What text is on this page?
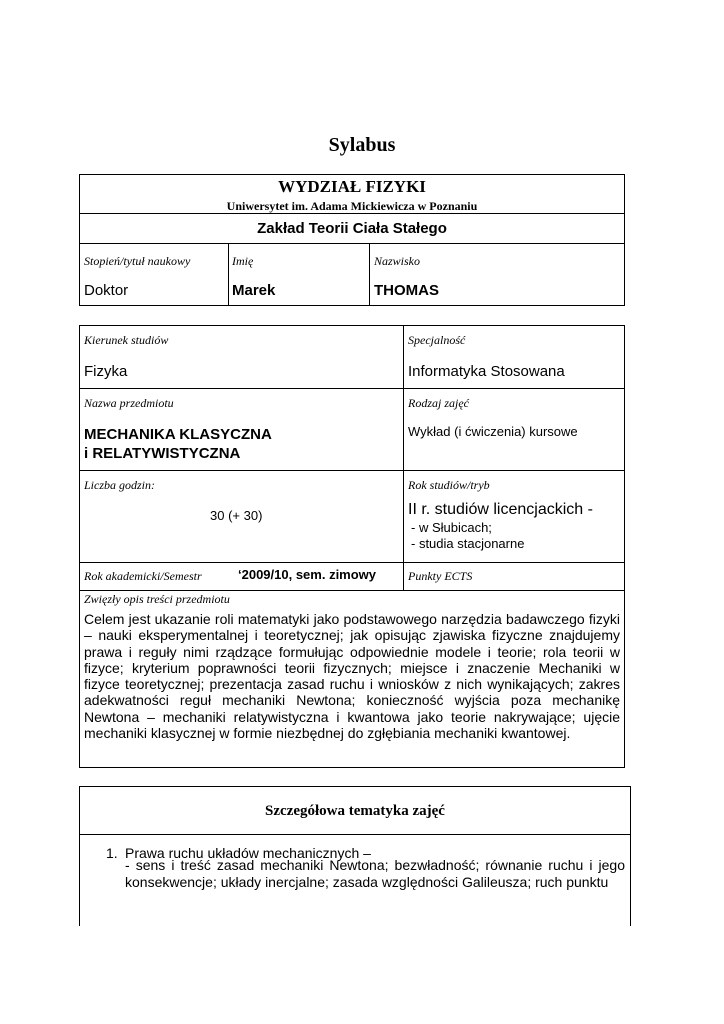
Sylabus
WYDZIAŁ FIZYKI
Uniwersytet im. Adama Mickiewicza w Poznaniu
Zakład Teorii Ciała Stałego
Stopień/tytuł naukowy
Doktor
Imię
Marek
Nazwisko
THOMAS
Kierunek studiów
Fizyka
Specjalność
Informatyka Stosowana
Nazwa przedmiotu
MECHANIKA KLASYCZNA
i RELATYWISTYCZNA
Rodzaj zajęć
Wykład (i ćwiczenia) kursowe
Liczba godzin:
30 (+ 30)
Rok studiów/tryb
II r. studiów licencjackich -
- w Słubicach;
- studia stacjonarne
Rok akademicki/Semestr	‘2009/10, sem. zimowy	Punkty ECTS
Zwięzły opis treści przedmiotu
Celem jest ukazanie roli matematyki jako podstawowego narzędzia badawczego fizyki – nauki eksperymentalnej i teoretycznej; jak opisując zjawiska fizyczne znajdujemy prawa i reguły nimi rządzące formułując odpowiednie modele i teorie; rola teorii w fizyce; kryterium poprawności teorii fizycznych; miejsce i znaczenie Mechaniki w fizyce teoretycznej; prezentacja zasad ruchu i wniosków z nich wynikających; zakres adekwatności reguł mechaniki Newtona; konieczność wyjścia poza mechanikę Newtona – mechaniki relatywistyczna i kwantowa jako teorie nakrywające; ujęcie mechaniki klasycznej w formie niezbędnej do zgłębiania mechaniki kwantowej.
Szczegółowa tematyka zajęć
1. Prawa ruchu układów mechanicznych –
- sens i treść zasad mechaniki Newtona; bezwładność; równanie ruchu i jego konsekwencje; układy inercjalne; zasada względności Galileusza; ruch punktu
